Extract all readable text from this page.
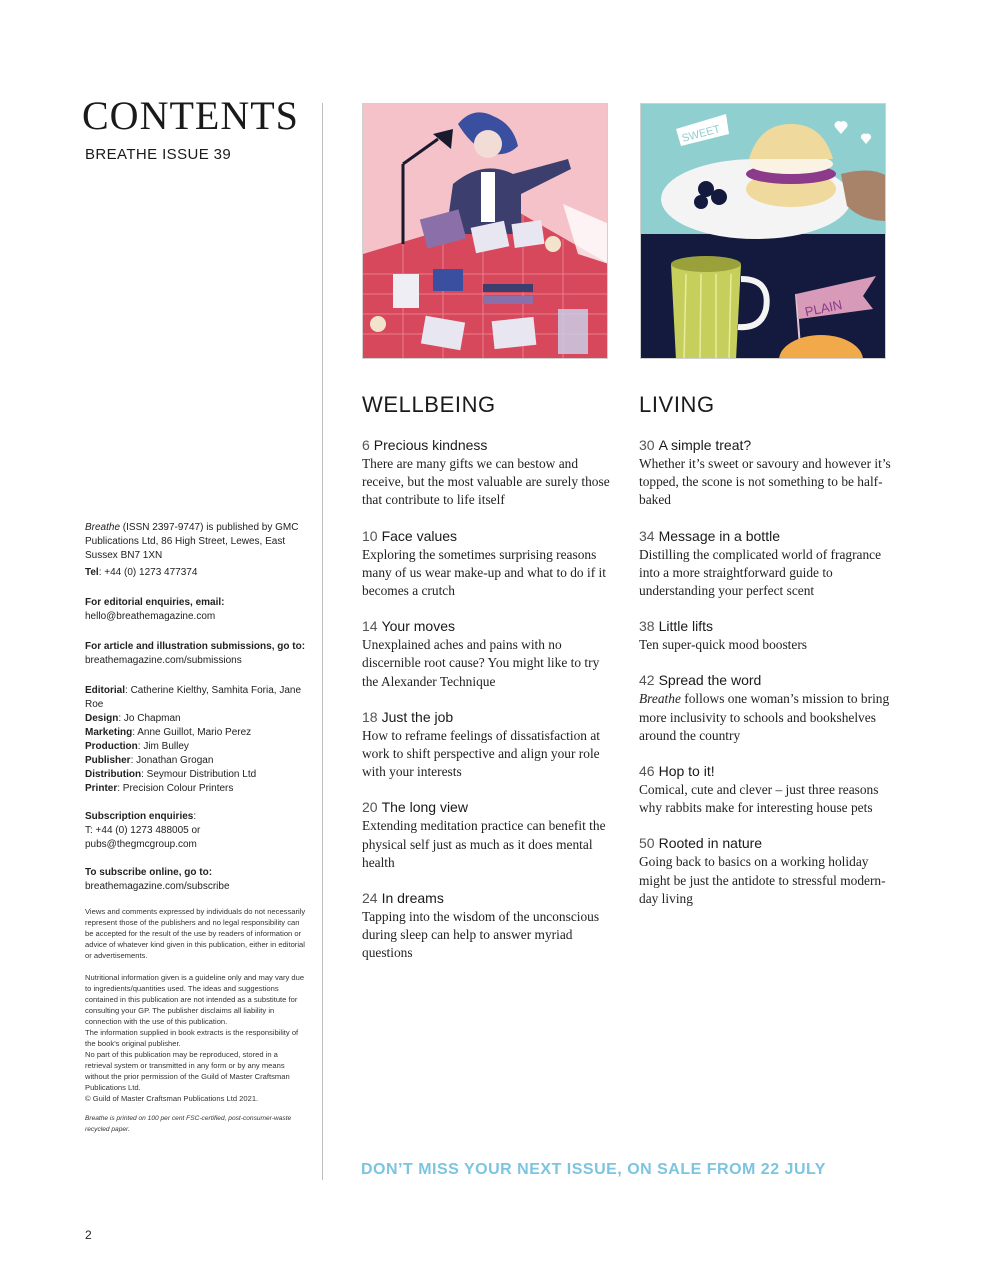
CONTENTS
BREATHE ISSUE 39
SWEET
PLAIN

Breathe (ISSN 2397-9747) is published by GMC Publications Ltd, 86 High Street, Lewes, East Sussex BN7 1XN

Tel: +44 (0) 1273 477374

For editorial enquiries, email:
hello@breathemagazine.com

For article and illustration submissions, go to:
breathemagazine.com/submissions

Editorial: Catherine Kielthy, Samhita Foria, Jane Roe

Design: Jo Chapman

Marketing: Anne Guillot, Mario Perez

Production: Jim Bulley

Publisher: Jonathan Grogan

Distribution: Seymour Distribution Ltd

Printer: Precision Colour Printers

Subscription enquiries:
T: +44 (0) 1273 488005 or
pubs@thegmcgroup.com

To subscribe online, go to:
breathemagazine.com/subscribe

Views and comments expressed by individuals do not necessarily represent those of the publishers and no legal responsibility can be accepted for the result of the use by readers of information or advice of whatever kind given in this publication, either in editorial or advertisements.

Nutritional information given is a guideline only and may vary due to ingredients/quantities used. The ideas and suggestions contained in this publication are not intended as a substitute for consulting your GP. The publisher disclaims all liability in connection with the use of this publication.

The information supplied in book extracts is the responsibility of the book’s original publisher.

No part of this publication may be reproduced, stored in a retrieval system or transmitted in any form or by any means without the prior permission of the Guild of Master Craftsman Publications Ltd.

© Guild of Master Craftsman Publications Ltd 2021.

Breathe is printed on 100 per cent FSC-certified, post-consumer-waste recycled paper.

WELLBEING	LIVING
6 Precious kindness
There are many gifts we can bestow and receive, but the most valuable are surely those that contribute to life itself
10 Face values
Exploring the sometimes surprising reasons many of us wear make-up and what to do if it becomes a crutch
14 Your moves
Unexplained aches and pains with no discernible root cause? You might like to try the Alexander Technique
18 Just the job
How to reframe feelings of dissatisfaction at work to shift perspective and align your role with your interests
20 The long view
Extending meditation practice can benefit the physical self just as much as it does mental health
24 In dreams
Tapping into the wisdom of the unconscious during sleep can help to answer myriad questions
30 A simple treat?
Whether it’s sweet or savoury and however it’s topped, the scone is not something to be half-baked
34 Message in a bottle
Distilling the complicated world of fragrance into a more straightforward guide to understanding your perfect scent
38 Little lifts
Ten super-quick mood boosters
42 Spread the word
Breathe follows one woman’s mission to bring more inclusivity to schools and bookshelves around the country
46 Hop to it!
Comical, cute and clever – just three reasons why rabbits make for interesting house pets
50 Rooted in nature
Going back to basics on a working holiday might be just the antidote to stressful modern-day living
DON’T MISS YOUR NEXT ISSUE, ON SALE FROM 22 JULY
2
